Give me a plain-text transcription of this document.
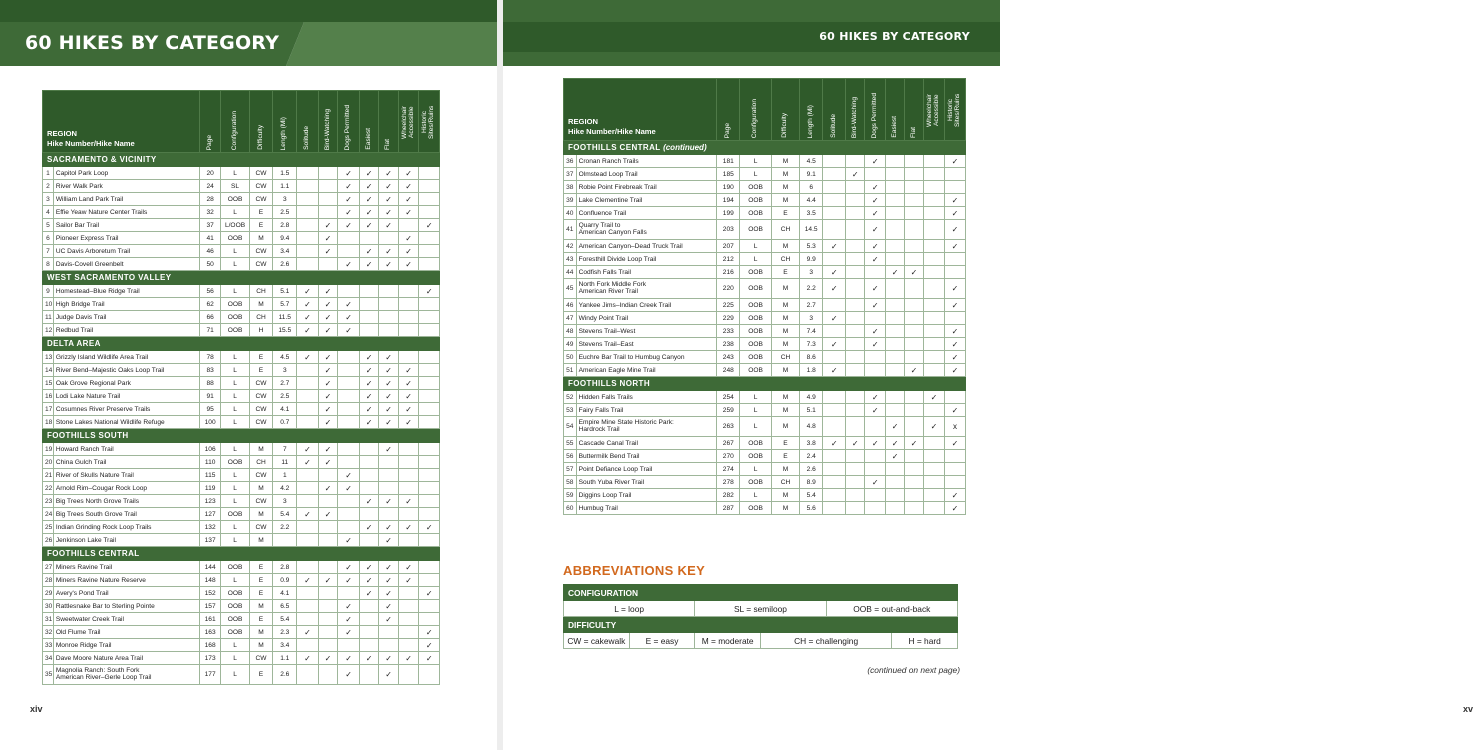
60 HIKES BY CATEGORY
REGION
Hike Number/Hike Name		Page	Configuration	Difficulty	Length (Mi)	Solitude	Bird-Watching	Dogs Permitted	Easiest	Flat	Wheelchair Accessible	Historic Sites/Ruins
SACRAMENTO & VICINITY												
1	Capitol Park Loop	20	L	CW	1.5			✓	✓	✓	✓	
2	River Walk Park	24	SL	CW	1.1			✓	✓	✓	✓	
3	William Land Park Trail	28	OOB	CW	3			✓	✓	✓	✓	
4	Effie Yeaw Nature Center Trails	32	L	E	2.5			✓	✓	✓	✓	
5	Sailor Bar Trail	37	L/OOB	E	2.8		✓	✓	✓	✓		✓
6	Pioneer Express Trail	41	OOB	M	9.4		✓				✓	
7	UC Davis Arboretum Trail	46	L	CW	3.4		✓		✓	✓	✓	
8	Davis-Covell Greenbelt	50	L	CW	2.6			✓	✓	✓	✓	
WEST SACRAMENTO VALLEY												
9	Homestead–Blue Ridge Trail	56	L	CH	5.1	✓	✓					✓
10	High Bridge Trail	62	OOB	M	5.7	✓	✓	✓				
11	Judge Davis Trail	66	OOB	CH	11.5	✓	✓	✓				
12	Redbud Trail	71	OOB	H	15.5	✓	✓	✓				
DELTA AREA												
13	Grizzly Island Wildlife Area Trail	78	L	E	4.5	✓	✓		✓	✓		
14	River Bend–Majestic Oaks Loop Trail	83	L	E	3		✓		✓	✓	✓	
15	Oak Grove Regional Park	88	L	CW	2.7		✓		✓	✓	✓	
16	Lodi Lake Nature Trail	91	L	CW	2.5		✓		✓	✓	✓	
17	Cosumnes River Preserve Trails	95	L	CW	4.1		✓		✓	✓	✓	
18	Stone Lakes National Wildlife Refuge	100	L	CW	0.7		✓		✓	✓	✓	
FOOTHILLS SOUTH												
19	Howard Ranch Trail	106	L	M	7	✓	✓			✓		
20	China Gulch Trail	110	OOB	CH	11	✓	✓					
21	River of Skulls Nature Trail	115	L	CW	1			✓				
22	Arnold Rim–Cougar Rock Loop	119	L	M	4.2		✓	✓				
23	Big Trees North Grove Trails	123	L	CW	3				✓	✓	✓	
24	Big Trees South Grove Trail	127	OOB	M	5.4	✓	✓					
25	Indian Grinding Rock Loop Trails	132	L	CW	2.2				✓	✓	✓	✓
26	Jenkinson Lake Trail	137	L	M				✓		✓		
FOOTHILLS CENTRAL												
27	Miners Ravine Trail	144	OOB	E	2.8			✓	✓	✓	✓	
28	Miners Ravine Nature Reserve	148	L	E	0.9	✓	✓	✓	✓	✓	✓	
29	Avery's Pond Trail	152	OOB	E	4.1				✓	✓		✓
30	Rattlesnake Bar to Sterling Pointe	157	OOB	M	6.5			✓		✓		
31	Sweetwater Creek Trail	161	OOB	E	5.4			✓		✓		
32	Old Flume Trail	163	OOB	M	2.3	✓		✓				✓
33	Monroe Ridge Trail	168	L	M	3.4							✓
34	Dave Moore Nature Area Trail	173	L	CW	1.1	✓	✓	✓	✓	✓	✓	✓
35	Magnolia Ranch: South Fork
American River–Gerle Loop Trail	177	L	E	2.6			✓		✓		
xiv
60 HIKES BY CATEGORY
REGION
Hike Number/Hike Name		Page	Configuration	Difficulty	Length (Mi)	Solitude	Bird-Watching	Dogs Permitted	Easiest	Flat	Wheelchair Accessible	Historic Sites/Ruins
FOOTHILLS CENTRAL (continued)												
36	Cronan Ranch Trails	181	L	M	4.5			✓				✓
37	Olmstead Loop Trail	185	L	M	9.1		✓					
38	Robie Point Firebreak Trail	190	OOB	M	6			✓				
39	Lake Clementine Trail	194	OOB	M	4.4			✓				✓
40	Confluence Trail	199	OOB	E	3.5			✓				✓
41	Quarry Trail to
American Canyon Falls	203	OOB	CH	14.5			✓				✓
42	American Canyon–Dead Truck Trail	207	L	M	5.3	✓		✓				✓
43	Foresthill Divide Loop Trail	212	L	CH	9.9			✓				
44	Codfish Falls Trail	216	OOB	E	3	✓			✓	✓		
45	North Fork Middle Fork
American River Trail	220	OOB	M	2.2	✓		✓				✓
46	Yankee Jims–Indian Creek Trail	225	OOB	M	2.7			✓				✓
47	Windy Point Trail	229	OOB	M	3	✓						
48	Stevens Trail–West	233	OOB	M	7.4			✓				✓
49	Stevens Trail–East	238	OOB	M	7.3	✓		✓				✓
50	Euchre Bar Trail to Humbug Canyon	243	OOB	CH	8.6							✓
51	American Eagle Mine Trail	248	OOB	M	1.8	✓				✓		✓
FOOTHILLS NORTH												
52	Hidden Falls Trails	254	L	M	4.9			✓			✓	
53	Fairy Falls Trail	259	L	M	5.1			✓				✓
54	Empire Mine State Historic Park:
Hardrock Trail	263	L	M	4.8				✓		✓	x
55	Cascade Canal Trail	267	OOB	E	3.8	✓	✓	✓	✓	✓		✓
56	Buttermilk Bend Trail	270	OOB	E	2.4				✓			
57	Point Defiance Loop Trail	274	L	M	2.6							
58	South Yuba River Trail	278	OOB	CH	8.9			✓				
59	Diggins Loop Trail	282	L	M	5.4							✓
60	Humbug Trail	287	OOB	M	5.6							✓
(continued on next page)
xv
ABBREVIATIONS KEY
CONFIGURATION					
L = loop		SL = semiloop		OOB = out-and-back	
DIFFICULTY					
CW = cakewalk	E = easy	M = moderate	CH = challenging		H = hard
